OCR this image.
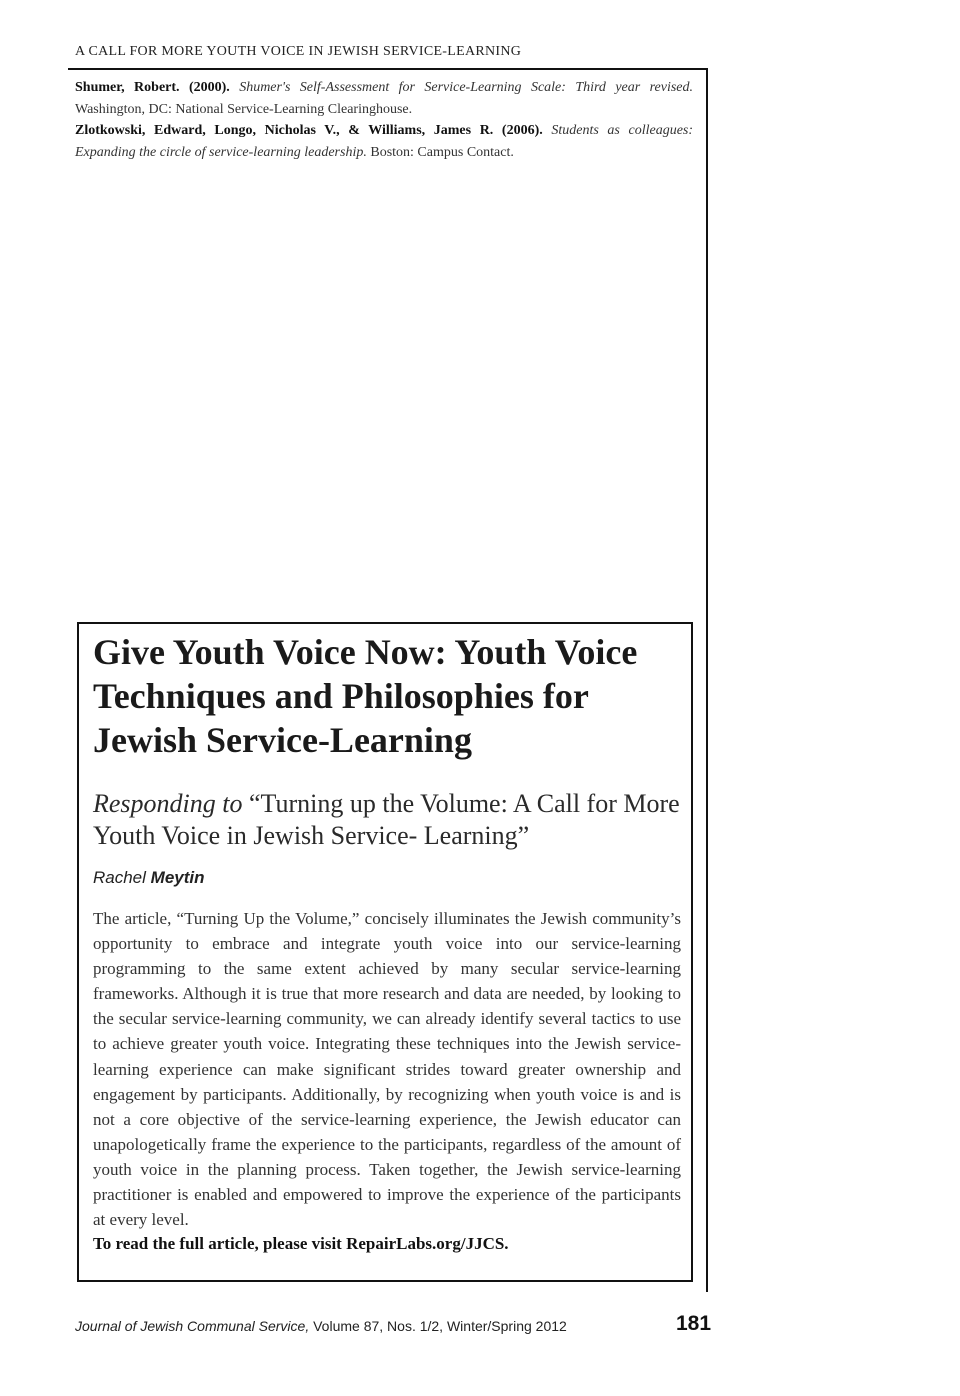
A CALL FOR MORE YOUTH VOICE IN JEWISH SERVICE-LEARNING

Shumer, Robert. (2000). Shumer's Self-Assessment for Service-Learning Scale: Third year revised. Washington, DC: National Service-Learning Clearinghouse.

Zlotkowski, Edward, Longo, Nicholas V., & Williams, James R. (2006). Students as colleagues: Expanding the circle of service-learning leadership. Boston: Campus Contact.

Give Youth Voice Now: Youth Voice Techniques and Philosophies for Jewish Service-Learning
Responding to “Turning up the Volume: A Call for More Youth Voice in Jewish Service- Learning”

Rachel Meytin

The article, “Turning Up the Volume,” concisely illuminates the Jewish community’s opportunity to embrace and integrate youth voice into our service-learning programming to the same extent achieved by many secular service-learning frameworks. Although it is true that more research and data are needed, by looking to the secular service-learning community, we can already identify several tactics to use to achieve greater youth voice. Integrating these techniques into the Jewish service-learning experience can make significant strides toward greater ownership and engagement by participants. Additionally, by recognizing when youth voice is and is not a core objective of the service-learning experience, the Jewish educator can unapologetically frame the experience to the participants, regardless of the amount of youth voice in the planning process. Taken together, the Jewish service-learning practitioner is enabled and empowered to improve the experience of the participants at every level.

To read the full article, please visit RepairLabs.org/JJCS.

Journal of Jewish Communal Service, Volume 87, Nos. 1/2, Winter/Spring 2012	181
